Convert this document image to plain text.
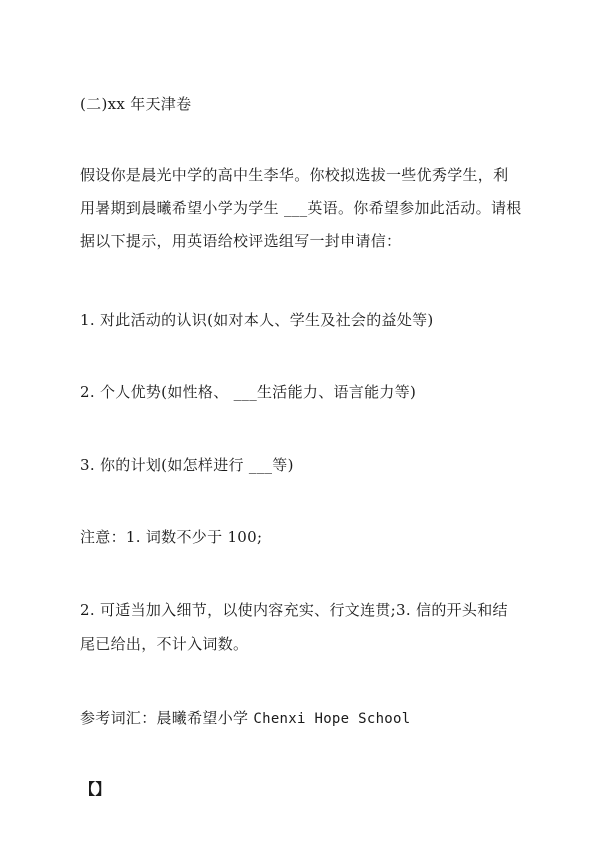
(二)xx 年天津卷
假设你是晨光中学的高中生李华。你校拟选拔一些优秀学生，利
用暑期到晨曦希望小学为学生 ___英语。你希望参加此活动。请根
据以下提示，用英语给校评选组写一封申请信：
1. 对此活动的认识(如对本人、学生及社会的益处等)
2. 个人优势(如性格、 ___生活能力、语言能力等)
3. 你的计划(如怎样进行 ___等)
注意：1. 词数不少于 100;
2. 可适当加入细节，以使内容充实、行文连贯;3. 信的开头和结
尾已给出，不计入词数。
参考词汇：晨曦希望小学 Chenxi Hope School
【】
